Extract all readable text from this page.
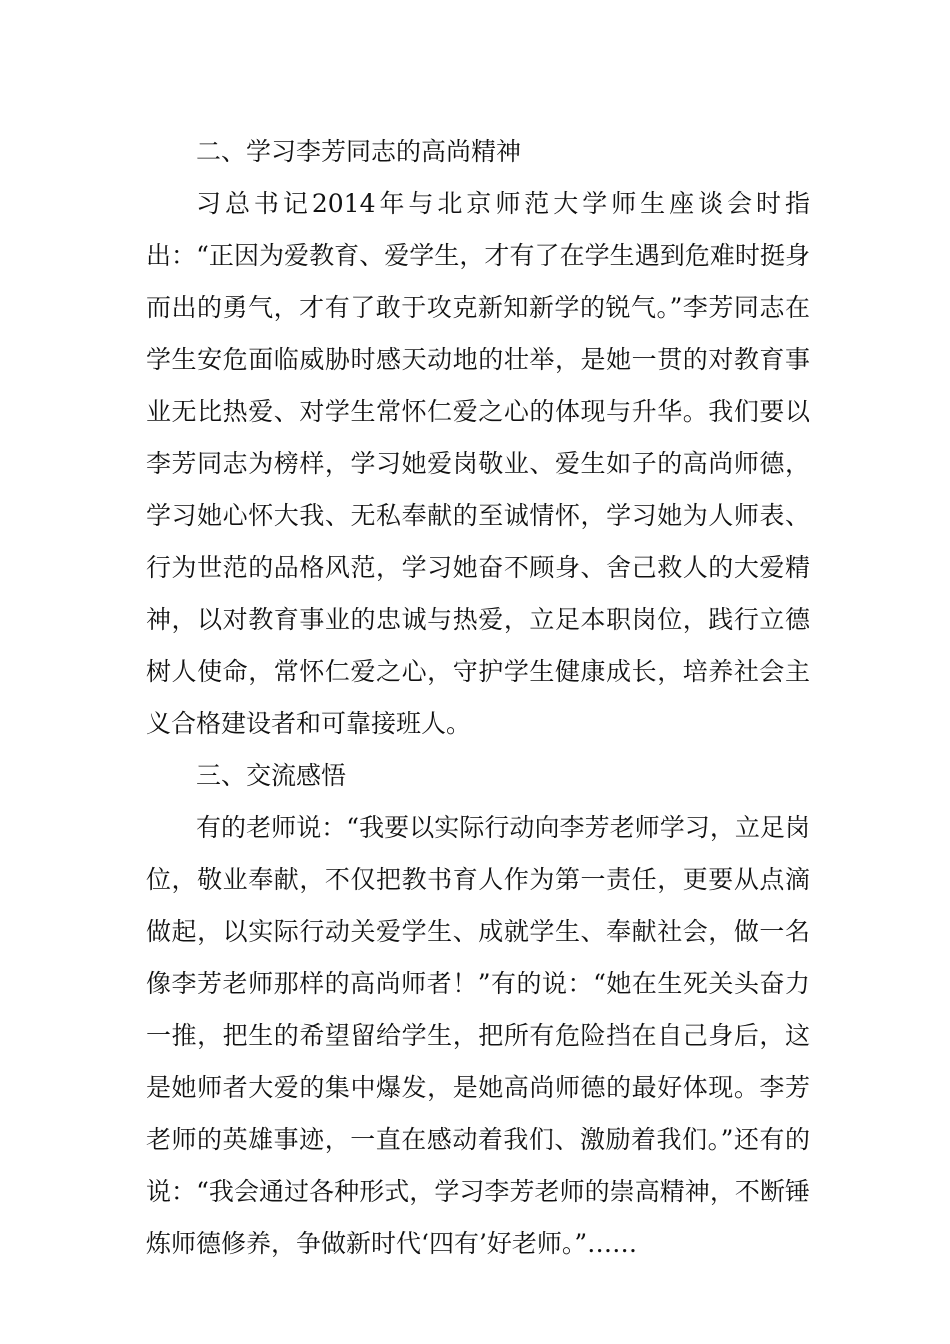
二、学习李芳同志的高尚精神

习总书记2014年与北京师范大学师生座谈会时指出：“正因为爱教育、爱学生，才有了在学生遇到危难时挺身而出的勇气，才有了敢于攻克新知新学的锐气。”李芳同志在学生安危面临威胁时感天动地的壮举，是她一贯的对教育事业无比热爱、对学生常怀仁爱之心的体现与升华。我们要以李芳同志为榜样，学习她爱岗敬业、爱生如子的高尚师德，学习她心怀大我、无私奉献的至诚情怀，学习她为人师表、行为世范的品格风范，学习她奋不顾身、舍己救人的大爱精神，以对教育事业的忠诚与热爱，立足本职岗位，践行立德树人使命，常怀仁爱之心，守护学生健康成长，培养社会主义合格建设者和可靠接班人。

三、交流感悟

有的老师说：“我要以实际行动向李芳老师学习，立足岗位，敬业奉献，不仅把教书育人作为第一责任，更要从点滴做起，以实际行动关爱学生、成就学生、奉献社会，做一名像李芳老师那样的高尚师者！”有的说：“她在生死关头奋力一推，把生的希望留给学生，把所有危险挡在自己身后，这是她师者大爱的集中爆发，是她高尚师德的最好体现。李芳老师的英雄事迹，一直在感动着我们、激励着我们。”还有的说：“我会通过各种形式，学习李芳老师的崇高精神，不断锤炼师德修养，争做新时代‘四有’好老师。”……
